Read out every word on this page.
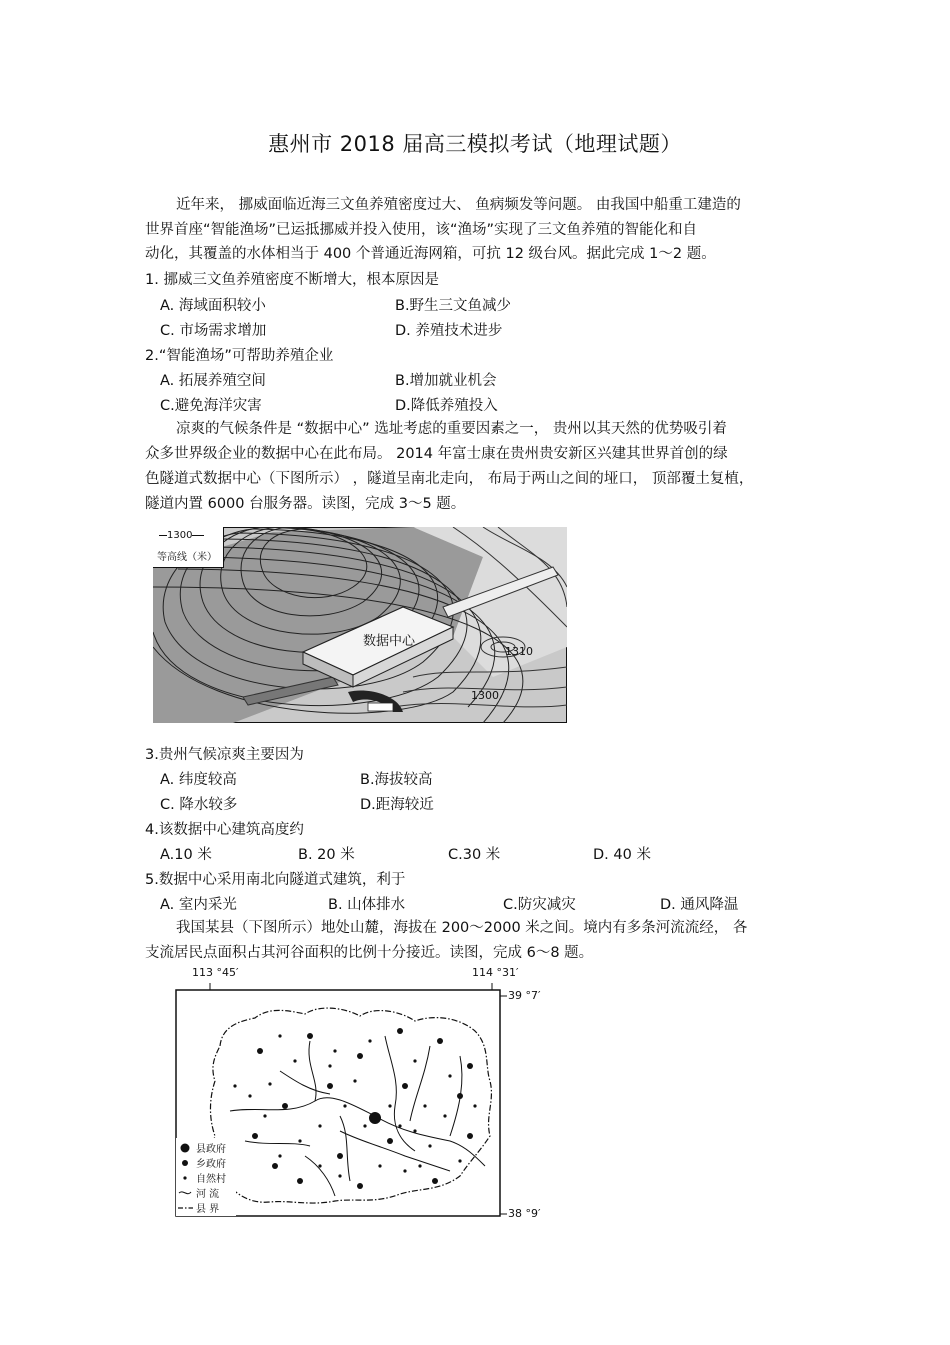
惠州市 2018 届高三模拟考试（地理试题）
近年来， 挪威面临近海三文鱼养殖密度过大、 鱼病频发等问题。 由我国中船重工建造的
世界首座“智能渔场”已运抵挪威并投入使用，该“渔场”实现了三文鱼养殖的智能化和自
动化，其覆盖的水体相当于 400 个普通近海网箱，可抗 12 级台风。据此完成 1～2 题。
1. 挪威三文鱼养殖密度不断增大，根本原因是
A. 海域面积较小	B.野生三文鱼减少
C. 市场需求增加	D. 养殖技术进步
2.“智能渔场”可帮助养殖企业
A. 拓展养殖空间	B.增加就业机会
C.避免海洋灾害	D.降低养殖投入
凉爽的气候条件是 “数据中心” 选址考虑的重要因素之一， 贵州以其天然的优势吸引着
众多世界级企业的数据中心在此布局。 2014 年富士康在贵州贵安新区兴建其世界首创的绿
色隧道式数据中心（下图所示） ，隧道呈南北走向， 布局于两山之间的垭口， 顶部覆土复植，
隧道内置 6000 台服务器。读图，完成 3～5 题。
1300
等高线（米）
数据中心
1310
1300
3.贵州气候凉爽主要因为
A. 纬度较高	B.海拔较高
C. 降水较多	D.距海较近
4.该数据中心建筑高度约
A.10 米	B. 20 米	C.30 米	D. 40 米
5.数据中心采用南北向隧道式建筑，利于
A. 室内采光	B. 山体排水	C.防灾减灾	D. 通风降温
我国某县（下图所示）地处山麓，海拔在 200～2000 米之间。境内有多条河流流经， 各
支流居民点面积占其河谷面积的比例十分接近。读图，完成 6～8 题。
113 °45′	114 °31′
39 °7′
38 °9′
县政府
乡政府
自然村
河 流
县 界
